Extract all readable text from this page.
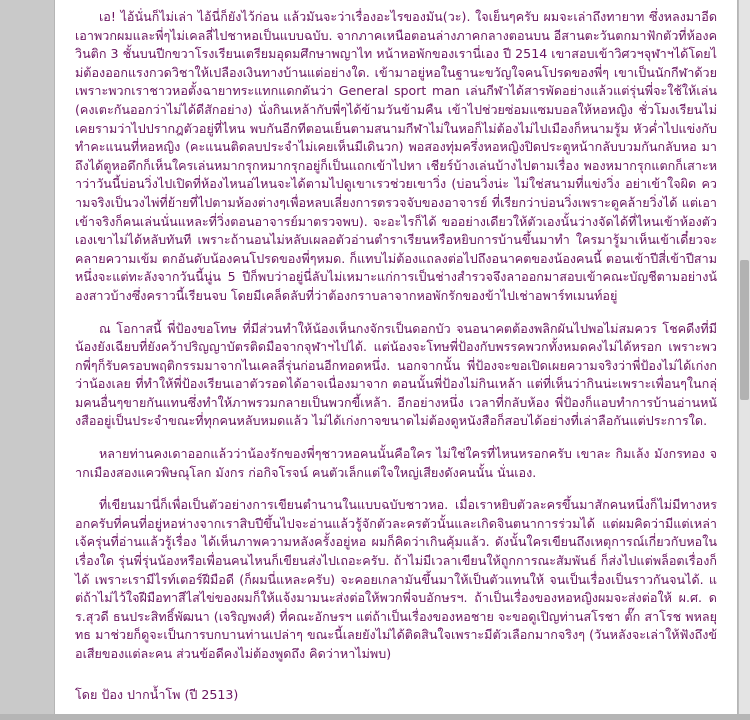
เอ! ไอ้นั่นก็ไม่เล่า ไอ้นี่ก็ยังไว้ก่อน แล้วมันจะว่าเรื่องอะไรของมัน(วะ). ใจเย็นๆครับ ผมจะเล่าถึงทายาท ซึ่งหลงมาอีดเอาพวกผมและพี่ๆไม่เคลลี่ไปชาหอเป็นแบบฉบับ. จากภาคเหนือตอนล่างภาคกลางตอนบน อีสานตะวันตกมาฟักตัวที่ห้องควินติก 3 ชั้นบนปีกขวาโรงเรียนเตรียมอุดมศึกษาพญาไท หน้าหอพักของเรานี่เอง ปี 2514 เขาสอบเข้าวิศวฯจุฬาฯได้โดยไม่ต้องออกแรงกวดวิชาให้เปลืองเงินทางบ้านแต่อย่างใด. เข้ามาอยู่หอในฐานะขวัญใจคนโปรดของพี่ๆ เขาเป็นนักกีฬาด้วยเพราะพวกเราชาวหอตั้งฉายาทระแทกแดกดันว่า General sport man เล่นกีฬาได้สารพัดอย่างแล้วแต่รุ่นพี่จะใช้ให้เล่น (คงเตะกันออกว่าไม่ได้ดีสักอย่าง) นั่งกินเหล้ากับพี่ๆได้ข้ามวันข้ามคืน เข้าไปช่วยซ่อมแซมบอลให้หอหญิง ชั่วโมงเรียนไม่เคยรามว่าไปปรากฎตัวอยู่ที่ไหน พบกันอีกทีตอนเย็นตามสนามกีฬาไม่ในหอก็ไม่ต้องไม่ไปเมืองก็หนามรู้ม หัวค่ำไปแข่งกับทำคะแนนที่หอหญิง (คะแนนติดลบประจำไม่เคยเห็นมีเดินวก) พอสองทุ่มครึ่งหอหญิงปิดประตูหน้ากลับบวมกันกลับหอ มาถึงได้ตูหอดึกก็เห็นใครเล่นหมากรุกหมากรุกอยู่ก็เป็นแถกเข้าไปหา เชียร์บ้างเล่นบ้างไปตามเรื่อง พองหมากรุกแตกก็เสาะหาว่าวันนี้บ่อนวิ่งไปเปิดที่ห้องไหนอ่ไหนจะได้ตามไปดูเขาเรวช่วยเขาวิ่ง (บ่อนวิ่งน่ะ ไม่ใช่สนามที่แข่งวิ่ง อย่าเข้าใจผิด ความจริงเป็นวงไพ่ที่ย้ายที่ไปตามห้องต่างๆเพื่อหลบเลี่ยงการตรวจจับของอาจารย์ ที่เรียกว่าบ่อนวิ่งเพราะดูคล้ายวิ่งได้ แต่เอาเข้าจริงก็คนเล่นนั่นแหละที่วิ่งตอนอาจารย์มาตรวจพบ). จะอะไรก็ได้ ขออย่างเดียวให้ตัวเองนั้นว่างจัดได้ที่ไหนเข้าห้องตัวเองเขาไม่ได้หลับทันที เพราะถ้านอนไม่หลับเผลอตัวอ่านตำราเรียนหรือหยิบการบ้านขึ้นมาทำ ใครมารู้มาเห็นเข้าเดี๋ยวจะคลายความเข้ม ตกอันดับน้องคนโปรดของพี่ๆหมด. ก็แทบไม่ต้องแถลงต่อไปถึงอนาคตของน้องคนนี้ ตอนเข้าปีสี่เข้าปีสามหนึ่งจะแต่ทะลังจากวันนี้นู่น 5 ปีก็พบว่าอยู่นี่ลับไม่เหมาะแก่การเป็นช่างสำรวจจึงลาออกมาสอบเข้าคณะบัญชีตามอย่างน้องสาวบ้างซึ่งคราวนี้เรียนจบ โดยมีเคล็ดลับที่ว่าต้องกราบลาจากหอพักรักของข้าไปเช่าอพาร์ทเมนท์อยู่

ณ โอกาสนี้ พี่ป้องขอโทษ ที่มีส่วนทำให้น้องเห็นกงจักรเป็นดอกบัว จนอนาคตต้องพลิกผันไปพอไม่สมควร โชคดีงที่มีน้องยังเฉียบที่ยังคว้าปริญญาบัตรติดมือจากจุฬาฯไปได้. แต่น้องจะโทษพี่ป้องกับพรรคพวกทั้งหมดคงไม่ได้หรอก เพราะพวกพี่ๆก็รับครอบพฤติกรรมมาจากไนเคลลี่รุ่นก่อนอีกทอดหนึ่ง. นอกจากนั้น พี่ป้องจะขอเปิดเผยความจริงว่าพี่ป้องไม่ได้เก่งกว่าน้องเลย ที่ทำให้พี่ป้องเรียนเอาตัวรอดได้อาจเนื่องมาจาก ตอนนั้นพี่ป้องไม่กินเหล้า แต่ที่เห็นว่ากินน่ะเพราะเพื่อนๆในกลุ่มคนอื่นๆขายกันแทนซึ่งทำให้ภาพรวมกลายเป็นพวกขี้เหล้า. อีกอย่างหนึ่ง เวลาที่กลับห้อง พี่ป้องก็แอบทำการบ้านอ่านหนังสืออยู่เป็นประจำขณะที่ทุกคนหลับหมดแล้ว ไม่ได้เก่งกาจขนาดไม่ต้องดูหนังสือก็สอบได้อย่างที่เล่าลือกันแต่ประการใด.

หลายท่านคงเดาออกแล้วว่าน้องรักของพี่ๆชาวหอคนนั้นคือใคร ไม่ใช่ใครที่ไหนหรอกครับ เขาละ กิมเล้ง มังกรทอง จากเมืองสองแควพิษณุโลก มังกร ก่อกิจโรจน์ คนตัวเล็กแต่ใจใหญ่เสียงดังคนนั้น นั่นเอง.

ที่เขียนมานี่ก็เพื่อเป็นตัวอย่างการเขียนตำนานในแบบฉบับชาวหอ. เมื่อเราหยิบตัวละครขึ้นมาสักคนหนึ่งก็ไม่มีทางหรอกครับที่คนที่อยู่หอห่างจากเราสิบปีขึ้นไปจะอ่านแล้วรู้จักตัวละครตัวนั้นและเกิดจินตนาการร่วมได้ แต่ผมคิดว่ามีแต่เหล่าเจ้ครุ่นที่อ่านแล้วรู้เรื่อง ได้เห็นภาพความหลังครั้งอยู่หอ ผมก็คิดว่าเกินคุ้มแล้ว. ดังนั้นใครเขียนถึงเหตุการณ์เกี่ยวกับหอในเรื่องใด รุ่นพี่รุ่นน้องหรือเพื่อนคนไหนก็เขียนส่งไปเถอะครับ. ถ้าไม่มีเวลาเขียนให้ถูกการณะสัมพันธ์ ก็ส่งไปแต่พล็อตเรื่องก็ได้ เพราะเรามีไรท์เตอร์ฝีมือดี (ก็ผมนี่แหละครับ) จะคอยเกลามันขึ้นมาให้เป็นตัวแทนให้ จนเป็นเรื่องเป็นราวกันจนได้. แต่ถ้าไม่ไว้ใจฝีมือทาสีไสไข่ของผมก็ให้แจ้งมามนะส่งต่อให้พวกพี่จบอักษรฯ. ถ้าเป็นเรื่องของหอหญิงผมจะส่งต่อให้ ผ.ศ. ดร.สุวดี ธนประสิทธิ์พัฒนา (เจริญพงศ์) ที่คณะอักษรฯ แต่ถ้าเป็นเรื่องของหอชาย จะขอดูเปิญท่านสโรชา ตั๊ก สาโรช พหลยุทธ มาช่วยก็ดูจะเป็นการบกบานท่านเปล่าๆ ขณะนี้เลยยังไม่ได้ติดสินใจเพราะมีตัวเลือกมากจริงๆ (วันหลังจะเล่าให้ฟังถึงข้อเสียของแต่ละคน ส่วนข้อดีคงไม่ต้องพูดถึง คิดว่าหาไม่พบ)

โดย ป้อง ปากน้ำโพ (ปี 2513)
